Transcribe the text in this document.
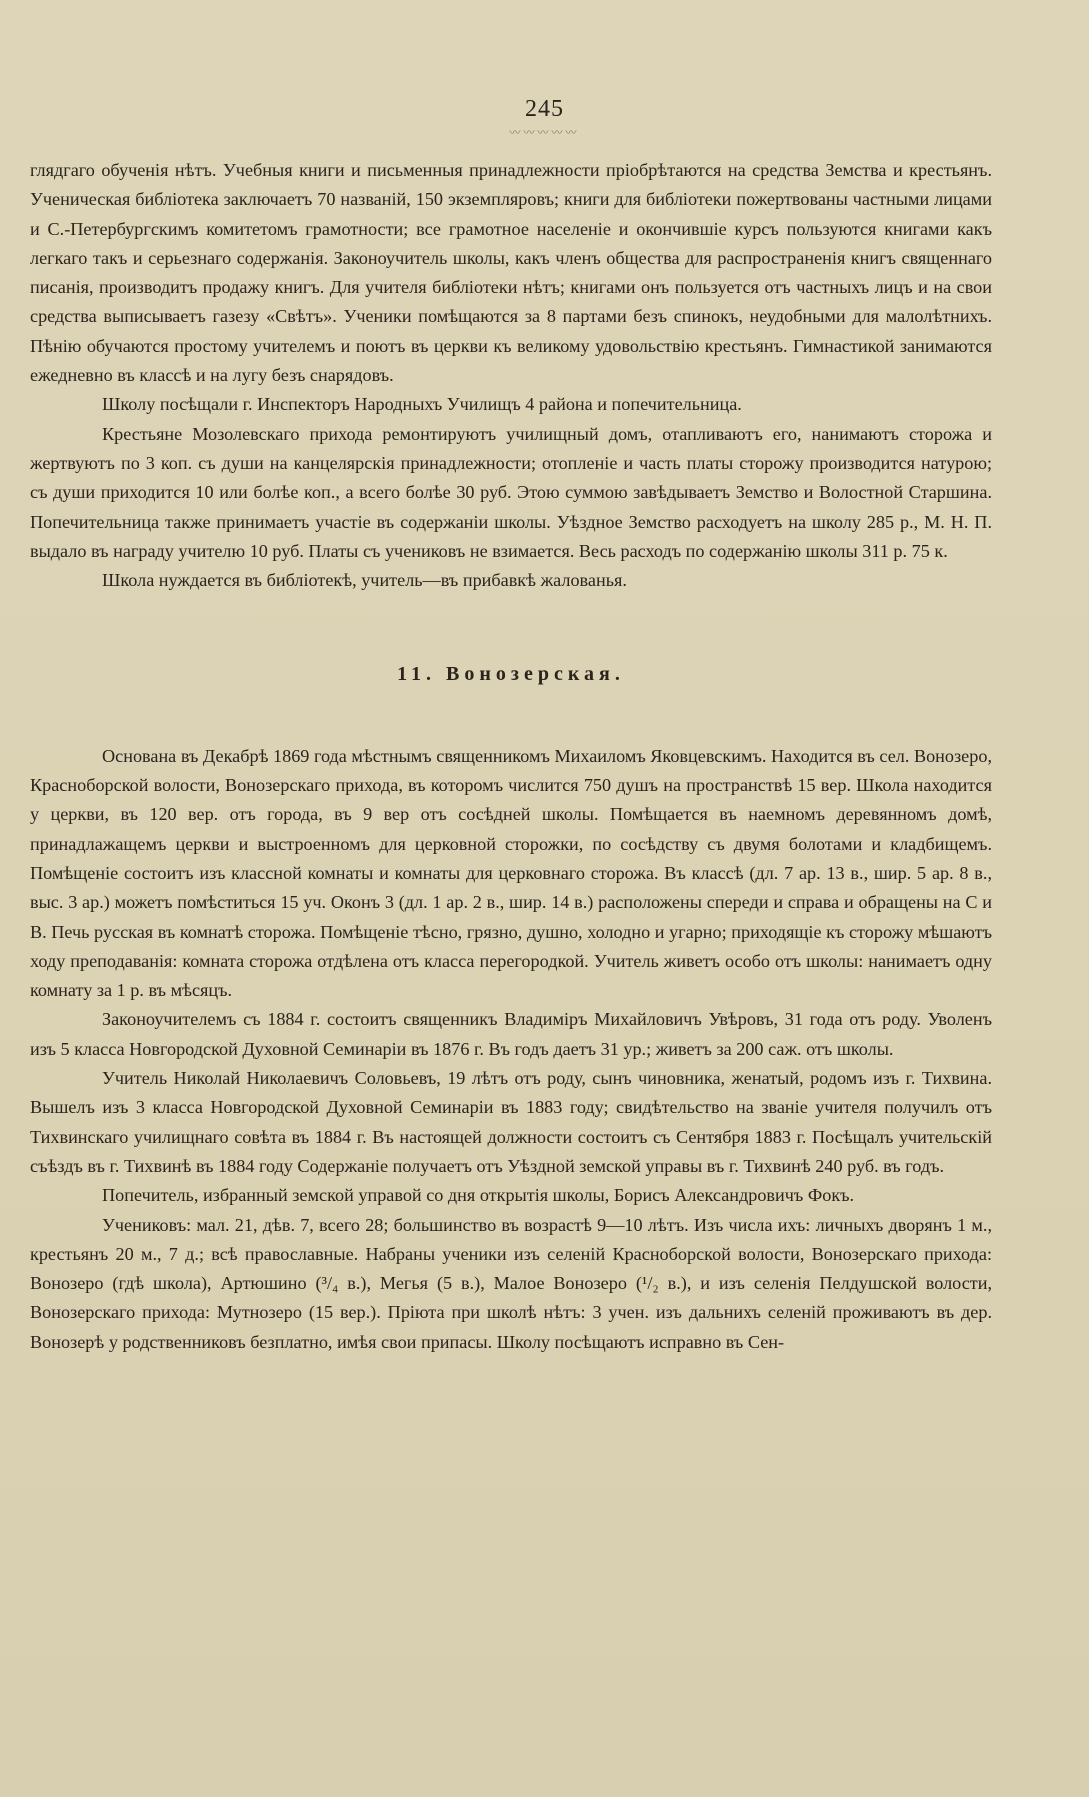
245
〰〰〰〰〰

глядгаго обученія нѣтъ. Учебныя книги и письменныя принадлежности пріобрѣтаются на средства Земства и крестьянъ. Ученическая библіотека заключаетъ 70 названій, 150 экземпляровъ; книги для библіотеки пожертвованы частными лицами и С.-Петербургскимъ комитетомъ грамотности; все грамотное населеніе и окончившіе курсъ пользуются книгами какъ легкаго такъ и серьезнаго содержанія. Законоучитель школы, какъ членъ общества для распространенія книгъ священнаго писанія, производитъ продажу книгъ. Для учителя библіотеки нѣтъ; книгами онъ пользуется отъ частныхъ лицъ и на свои средства выписываетъ газезу «Свѣтъ». Ученики помѣщаются за 8 партами безъ спинокъ, неудобными для малолѣтнихъ. Пѣнію обучаются простому учителемъ и поютъ въ церкви къ великому удовольствію крестьянъ. Гимнастикой занимаются ежедневно въ классѣ и на лугу безъ снарядовъ.

Школу посѣщали г. Инспекторъ Народныхъ Училищъ 4 района и попечительница.

Крестьяне Мозолевскаго прихода ремонтируютъ училищный домъ, отапливаютъ его, нанимаютъ сторожа и жертвуютъ по 3 коп. съ души на канцелярскія принадлежности; отопленіе и часть платы сторожу производится натурою; съ души приходится 10 или болѣе коп., а всего болѣе 30 руб. Этою суммою завѣдываетъ Земство и Волостной Старшина. Попечительница также принимаетъ участіе въ содержаніи школы. Уѣздное Земство расходуетъ на школу 285 р., М. Н. П. выдало въ награду учителю 10 руб. Платы съ учениковъ не взимается. Весь расходъ по содержанію школы 311 р. 75 к.

Школа нуждается въ библіотекѣ, учитель—въ прибавкѣ жалованья.

11. Вонозерская.

Основана въ Декабрѣ 1869 года мѣстнымъ священникомъ Михаиломъ Яковцевскимъ. Находится въ сел. Вонозеро, Красноборской волости, Вонозерскаго прихода, въ которомъ числится 750 душъ на пространствѣ 15 вер. Школа находится у церкви, въ 120 вер. отъ города, въ 9 вер отъ сосѣдней школы. Помѣщается въ наемномъ деревянномъ домѣ, принадлажащемъ церкви и выстроенномъ для церковной сторожки, по сосѣдству съ двумя болотами и кладбищемъ. Помѣщеніе состоитъ изъ классной комнаты и комнаты для церковнаго сторожа. Въ классѣ (дл. 7 ар. 13 в., шир. 5 ар. 8 в., выс. 3 ар.) можетъ помѣститься 15 уч. Оконъ 3 (дл. 1 ар. 2 в., шир. 14 в.) расположены спереди и справа и обращены на С и В. Печь русская въ комнатѣ сторожа. Помѣщеніе тѣсно, грязно, душно, холодно и угарно; приходящіе къ сторожу мѣшаютъ ходу преподаванія: комната сторожа отдѣлена отъ класса перегородкой. Учитель живетъ особо отъ школы: нанимаетъ одну комнату за 1 р. въ мѣсяцъ.

Законоучителемъ съ 1884 г. состоитъ священникъ Владиміръ Михайловичъ Увѣровъ, 31 года отъ роду. Уволенъ изъ 5 класса Новгородской Духовной Семинаріи въ 1876 г. Въ годъ даетъ 31 ур.; живетъ за 200 саж. отъ школы.

Учитель Николай Николаевичъ Соловьевъ, 19 лѣтъ отъ роду, сынъ чиновника, женатый, родомъ изъ г. Тихвина. Вышелъ изъ 3 класса Новгородской Духовной Семинаріи въ 1883 году; свидѣтельство на званіе учителя получилъ отъ Тихвинскаго училищнаго совѣта въ 1884 г. Въ настоящей должности состоитъ съ Сентября 1883 г. Посѣщалъ учительскій съѣздъ въ г. Тихвинѣ въ 1884 году Содержаніе получаетъ отъ Уѣздной земской управы въ г. Тихвинѣ 240 руб. въ годъ.

Попечитель, избранный земской управой со дня открытія школы, Борисъ Александровичъ Фокъ.

Учениковъ: мал. 21, дѣв. 7, всего 28; большинство въ возрастѣ 9—10 лѣтъ. Изъ числа ихъ: личныхъ дворянъ 1 м., крестьянъ 20 м., 7 д.; всѣ православные. Набраны ученики изъ селеній Красноборской волости, Вонозерскаго прихода: Вонозеро (гдѣ школа), Артюшино (³/₄ в.), Мегья (5 в.), Малое Вонозеро (¹/₂ в.), и изъ селенія Пелдушской волости, Вонозерскаго прихода: Мутнозеро (15 вер.). Пріюта при школѣ нѣтъ: 3 учен. изъ дальнихъ селеній проживаютъ въ дер. Вонозерѣ у родственниковъ безплатно, имѣя свои припасы. Школу посѣщаютъ исправно въ Сен-
